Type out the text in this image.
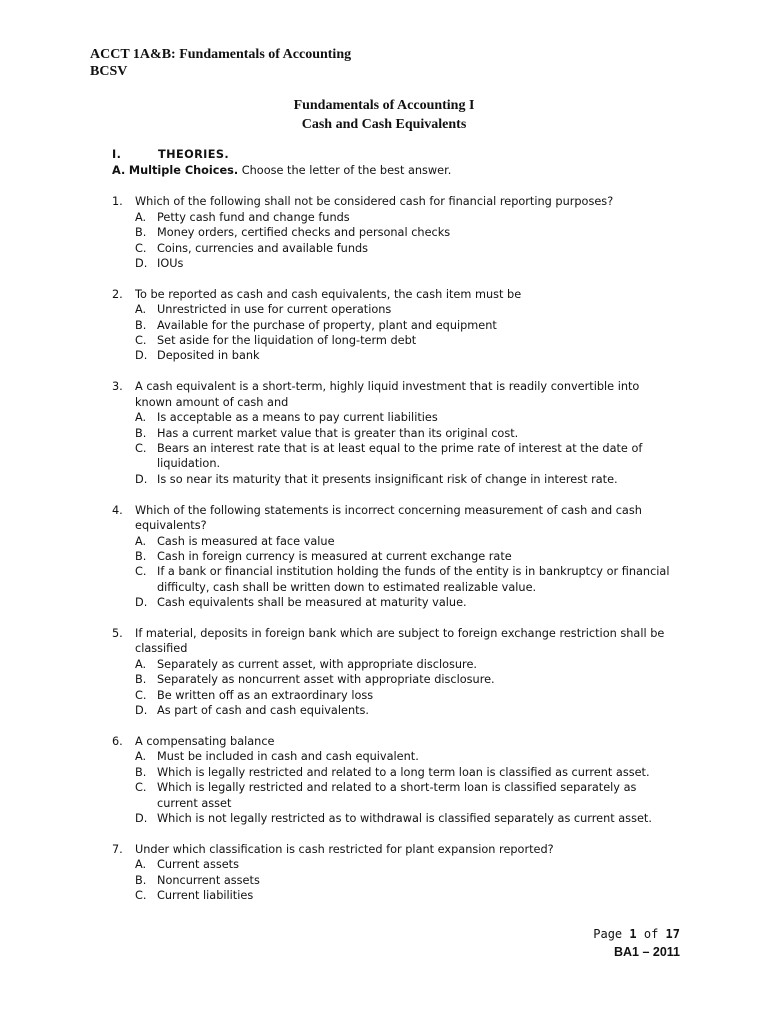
ACCT 1A&B: Fundamentals of Accounting
BCSV
Fundamentals of Accounting I
Cash and Cash Equivalents
I.	THEORIES.
A. Multiple Choices. Choose the letter of the best answer.
1.	Which of the following shall not be considered cash for financial reporting purposes?
A. Petty cash fund and change funds
B. Money orders, certified checks and personal checks
C. Coins, currencies and available funds
D. IOUs
2.	To be reported as cash and cash equivalents, the cash item must be
A. Unrestricted in use for current operations
B. Available for the purchase of property, plant and equipment
C. Set aside for the liquidation of long-term debt
D. Deposited in bank
3.	A cash equivalent is a short-term, highly liquid investment that is readily convertible into known amount of cash and
A. Is acceptable as a means to pay current liabilities
B. Has a current market value that is greater than its original cost.
C. Bears an interest rate that is at least equal to the prime rate of interest at the date of liquidation.
D. Is so near its maturity that it presents insignificant risk of change in interest rate.
4.	Which of the following statements is incorrect concerning measurement of cash and cash equivalents?
A. Cash is measured at face value
B. Cash in foreign currency is measured at current exchange rate
C. If a bank or financial institution holding the funds of the entity is in bankruptcy or financial difficulty, cash shall be written down to estimated realizable value.
D. Cash equivalents shall be measured at maturity value.
5.	If material, deposits in foreign bank which are subject to foreign exchange restriction shall be classified
A. Separately as current asset, with appropriate disclosure.
B. Separately as noncurrent asset with appropriate disclosure.
C. Be written off as an extraordinary loss
D. As part of cash and cash equivalents.
6.	A compensating balance
A. Must be included in cash and cash equivalent.
B. Which is legally restricted and related to a long term loan is classified as current asset.
C. Which is legally restricted and related to a short-term loan is classified separately as current asset
D. Which is not legally restricted as to withdrawal is classified separately as current asset.
7.	Under which classification is cash restricted for plant expansion reported?
A. Current assets
B. Noncurrent assets
C. Current liabilities
Page 1 of 17
BA1 – 2011
